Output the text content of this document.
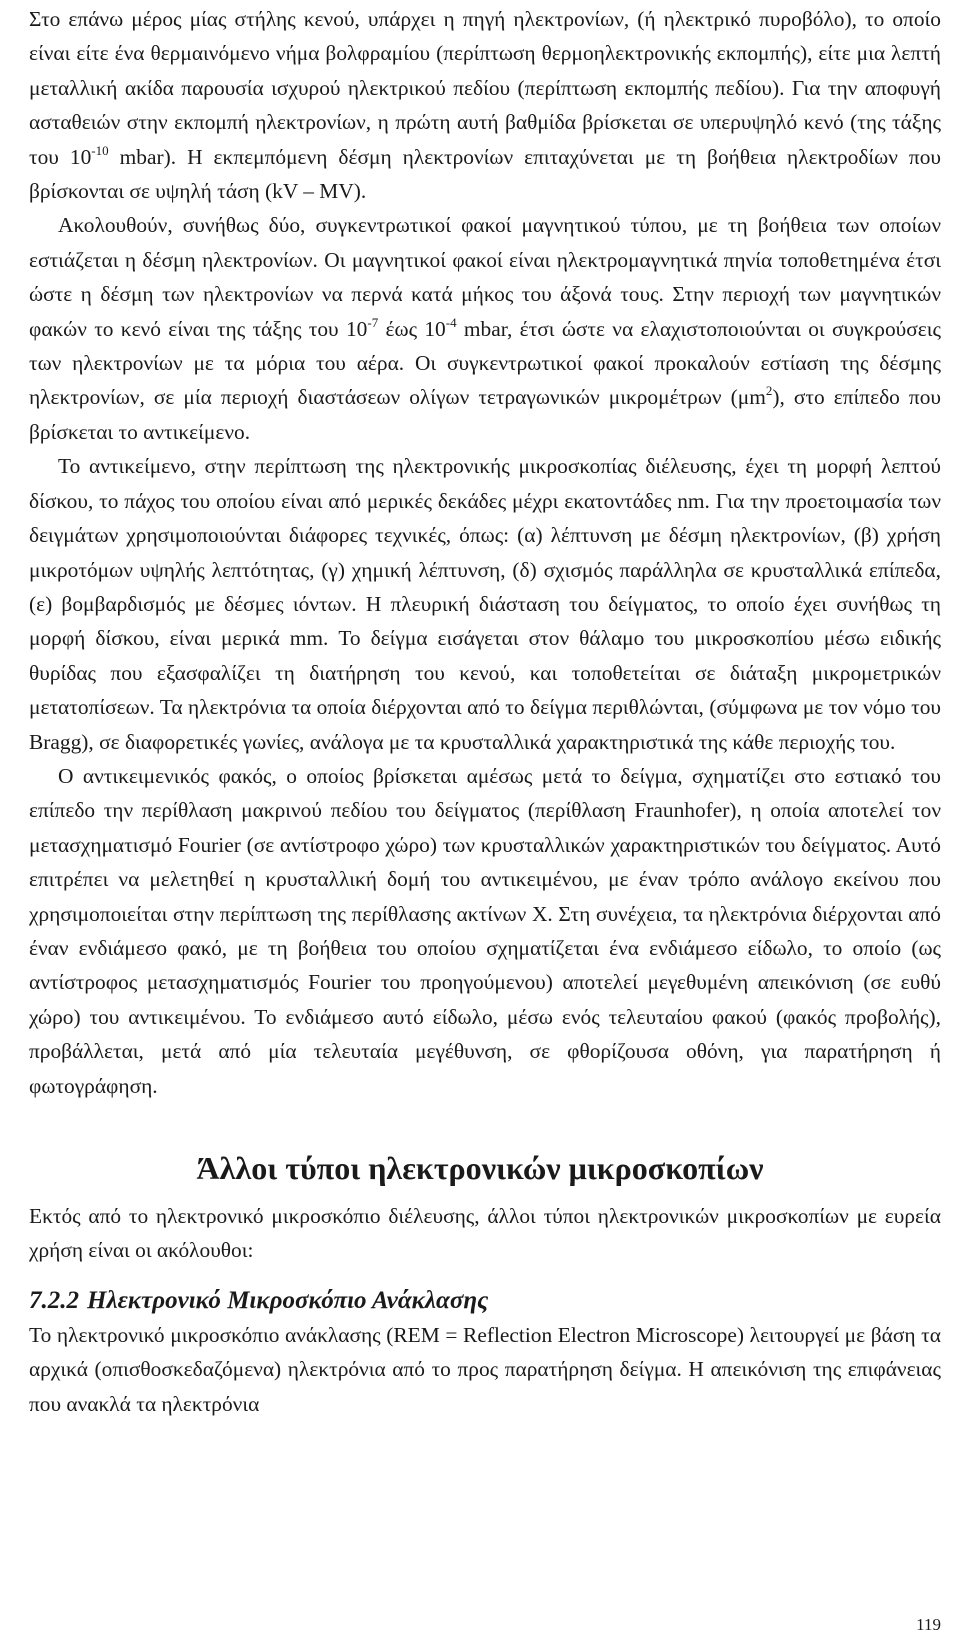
Στο επάνω μέρος μίας στήλης κενού, υπάρχει η πηγή ηλεκτρονίων, (ή ηλεκτρικό πυροβόλο), το οποίο είναι είτε ένα θερμαινόμενο νήμα βολφραμίου (περίπτωση θερμοηλεκτρονικής εκπομπής), είτε μια λεπτή μεταλλική ακίδα παρουσία ισχυρού ηλεκτρικού πεδίου (περίπτωση εκπομπής πεδίου). Για την αποφυγή ασταθειών στην εκπομπή ηλεκτρονίων, η πρώτη αυτή βαθμίδα βρίσκεται σε υπερυψηλό κενό (της τάξης του $10^{-10}$ mbar). Η εκπεμπόμενη δέσμη ηλεκτρονίων επιταχύνεται με τη βοήθεια ηλεκτροδίων που βρίσκονται σε υψηλή τάση (kV – MV).

Ακολουθούν, συνήθως δύο, συγκεντρωτικοί φακοί μαγνητικού τύπου, με τη βοήθεια των οποίων εστιάζεται η δέσμη ηλεκτρονίων. Οι μαγνητικοί φακοί είναι ηλεκτρομαγνητικά πηνία τοποθετημένα έτσι ώστε η δέσμη των ηλεκτρονίων να περνά κατά μήκος του άξονά τους. Στην περιοχή των μαγνητικών φακών το κενό είναι της τάξης του $10^{-7}$ έως $10^{-4}$ mbar, έτσι ώστε να ελαχιστοποιούνται οι συγκρούσεις των ηλεκτρονίων με τα μόρια του αέρα. Οι συγκεντρωτικοί φακοί προκαλούν εστίαση της δέσμης ηλεκτρονίων, σε μία περιοχή διαστάσεων ολίγων τετραγωνικών μικρομέτρων $(\mu m^2)$, στο επίπεδο που βρίσκεται το αντικείμενο.

Το αντικείμενο, στην περίπτωση της ηλεκτρονικής μικροσκοπίας διέλευσης, έχει τη μορφή λεπτού δίσκου, το πάχος του οποίου είναι από μερικές δεκάδες μέχρι εκατοντάδες nm. Για την προετοιμασία των δειγμάτων χρησιμοποιούνται διάφορες τεχνικές, όπως: (α) λέπτυνση με δέσμη ηλεκτρονίων, (β) χρήση μικροτόμων υψηλής λεπτότητας, (γ) χημική λέπτυνση, (δ) σχισμός παράλληλα σε κρυσταλλικά επίπεδα, (ε) βομβαρδισμός με δέσμες ιόντων. Η πλευρική διάσταση του δείγματος, το οποίο έχει συνήθως τη μορφή δίσκου, είναι μερικά mm. Το δείγμα εισάγεται στον θάλαμο του μικροσκοπίου μέσω ειδικής θυρίδας που εξασφαλίζει τη διατήρηση του κενού, και τοποθετείται σε διάταξη μικρομετρικών μετατοπίσεων. Τα ηλεκτρόνια τα οποία διέρχονται από το δείγμα περιθλώνται, (σύμφωνα με τον νόμο του Bragg), σε διαφορετικές γωνίες, ανάλογα με τα κρυσταλλικά χαρακτηριστικά της κάθε περιοχής του.

Ο αντικειμενικός φακός, ο οποίος βρίσκεται αμέσως μετά το δείγμα, σχηματίζει στο εστιακό του επίπεδο την περίθλαση μακρινού πεδίου του δείγματος (περίθλαση Fraunhofer), η οποία αποτελεί τον μετασχηματισμό Fourier (σε αντίστροφο χώρο) των κρυσταλλικών χαρακτηριστικών του δείγματος. Αυτό επιτρέπει να μελετηθεί η κρυσταλλική δομή του αντικειμένου, με έναν τρόπο ανάλογο εκείνου που χρησιμοποιείται στην περίπτωση της περίθλασης ακτίνων X. Στη συνέχεια, τα ηλεκτρόνια διέρχονται από έναν ενδιάμεσο φακό, με τη βοήθεια του οποίου σχηματίζεται ένα ενδιάμεσο είδωλο, το οποίο (ως αντίστροφος μετασχηματισμός Fourier του προηγούμενου) αποτελεί μεγεθυμένη απεικόνιση (σε ευθύ χώρο) του αντικειμένου. Το ενδιάμεσο αυτό είδωλο, μέσω ενός τελευταίου φακού (φακός προβολής), προβάλλεται, μετά από μία τελευταία μεγέθυνση, σε φθορίζουσα οθόνη, για παρατήρηση ή φωτογράφηση.

Άλλοι τύποι ηλεκτρονικών μικροσκοπίων

Εκτός από το ηλεκτρονικό μικροσκόπιο διέλευσης, άλλοι τύποι ηλεκτρονικών μικροσκοπίων με ευρεία χρήση είναι οι ακόλουθοι:

7.2.2 Ηλεκτρονικό Μικροσκόπιο Ανάκλασης

Το ηλεκτρονικό μικροσκόπιο ανάκλασης (REM = Reflection Electron Microscope) λειτουργεί με βάση τα αρχικά (οπισθοσκεδαζόμενα) ηλεκτρόνια από το προς παρατήρηση δείγμα. Η απεικόνιση της επιφάνειας που ανακλά τα ηλεκτρόνια

119
